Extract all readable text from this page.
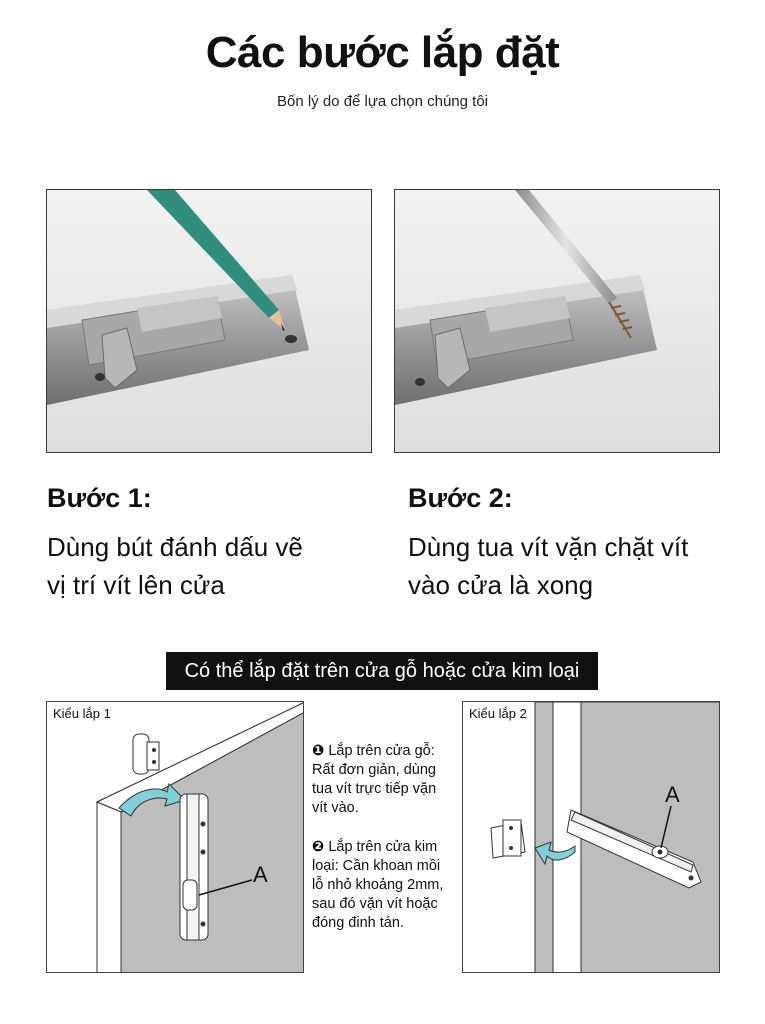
Các bước lắp đặt
Bốn lý do để lựa chọn chúng tôi
Bước 1:
Dùng bút đánh dấu vẽ
vị trí vít lên cửa
Bước 2:
Dùng tua vít vặn chặt vít
vào cửa là xong
Có thể lắp đặt trên cửa gỗ hoặc cửa kim loại
Kiểu lắp 1
A
❶ Lắp trên cửa gỗ:
Rất đơn giản, dùng
tua vít trực tiếp vặn
vít vào.
❷ Lắp trên cửa kim
loại: Cần khoan mồi
lỗ nhỏ khoảng 2mm,
sau đó vặn vít hoặc
đóng đinh tán.
Kiểu lắp 2
A
